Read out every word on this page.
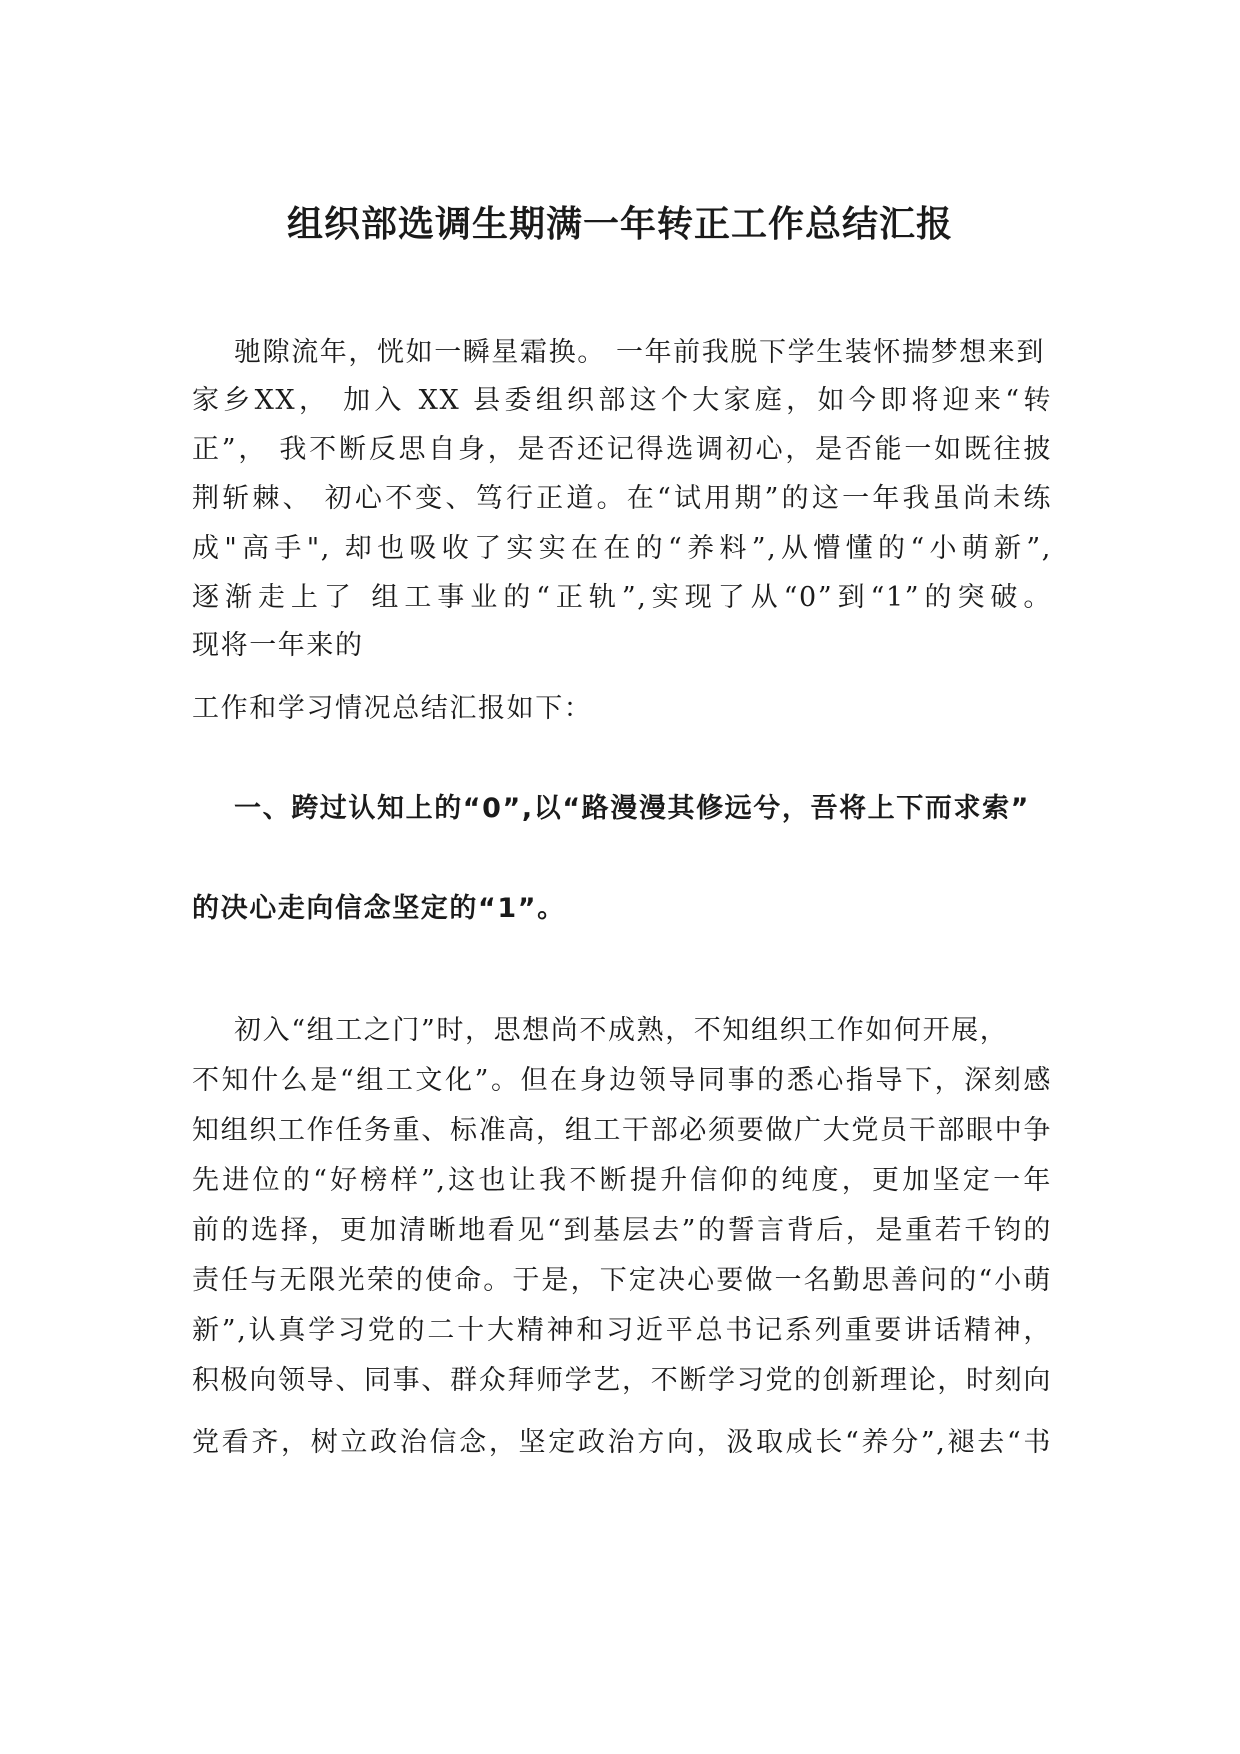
组织部选调生期满一年转正工作总结汇报

驰隙流年，恍如一瞬星霜换。 一年前我脱下学生装怀揣梦想来到

家乡XX， 加入 XX 县委组织部这个大家庭，如今即将迎来“转

正”， 我不断反思自身，是否还记得选调初心，是否能一如既往披

荆斩棘、 初心不变、笃行正道。在“试用期”的这一年我虽尚未练

成"高手", 却也吸收了实实在在的“养料”,从懵懂的“小萌新”,

逐渐走上了 组工事业的“正轨”,实现了从“0”到“1”的突破。

现将一年来的

工作和学习情况总结汇报如下：

一、跨过认知上的“0”,以“路漫漫其修远兮，吾将上下而求索”

的决心走向信念坚定的“1”。

初入“组工之门”时，思想尚不成熟，不知组织工作如何开展，

不知什么是“组工文化”。但在身边领导同事的悉心指导下，深刻感

知组织工作任务重、标准高，组工干部必须要做广大党员干部眼中争

先进位的“好榜样”,这也让我不断提升信仰的纯度，更加坚定一年

前的选择，更加清晰地看见“到基层去”的誓言背后，是重若千钧的

责任与无限光荣的使命。于是，下定决心要做一名勤思善问的“小萌

新”,认真学习党的二十大精神和习近平总书记系列重要讲话精神，

积极向领导、同事、群众拜师学艺，不断学习党的创新理论，时刻向

党看齐，树立政治信念，坚定政治方向，汲取成长“养分”,褪去“书
